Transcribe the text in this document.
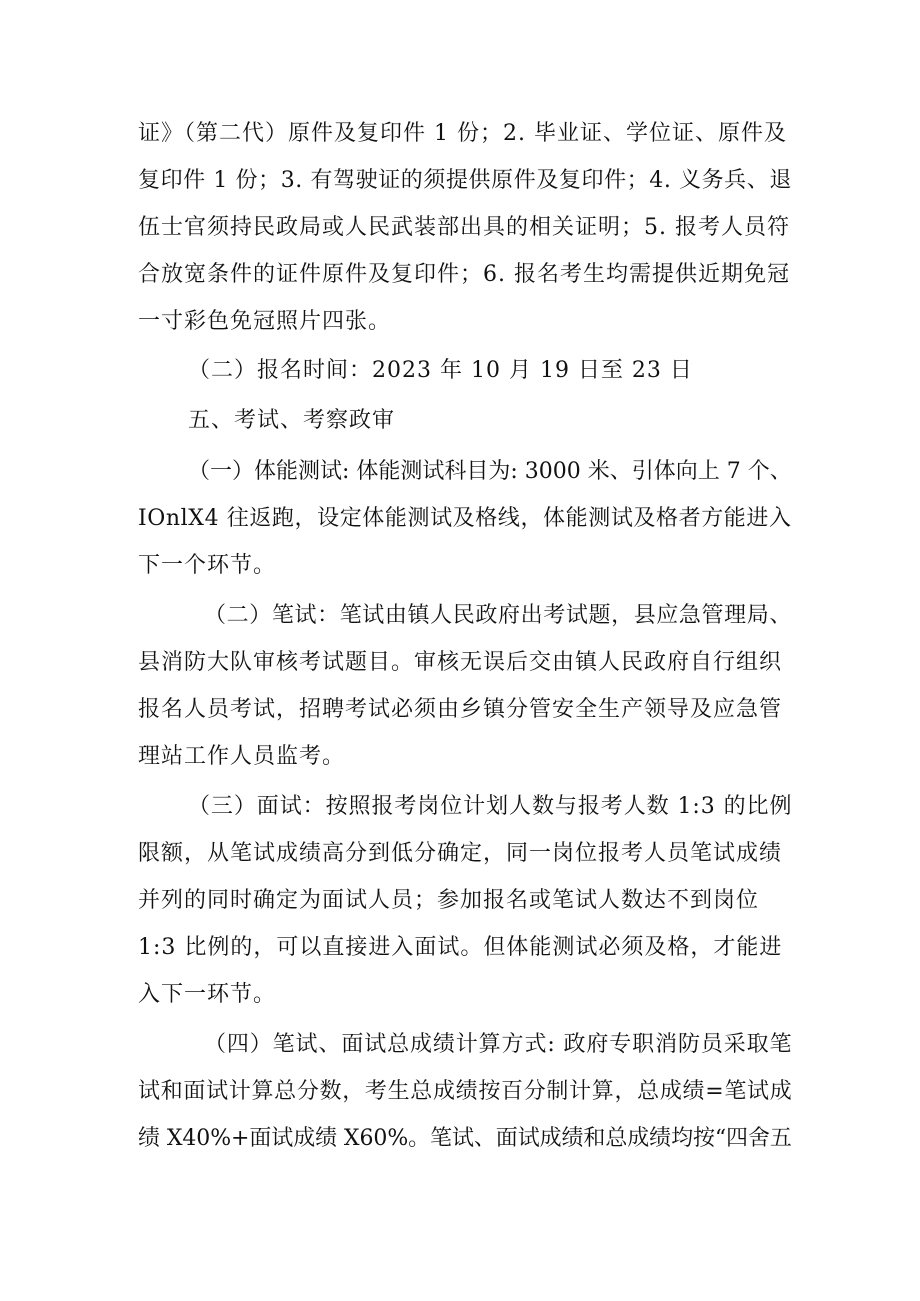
证》（第二代）原件及复印件 1 份；2. 毕业证、学位证、原件及
复印件 1 份；3. 有驾驶证的须提供原件及复印件；4. 义务兵、退
伍士官须持民政局或人民武装部出具的相关证明；5. 报考人员符
合放宽条件的证件原件及复印件；6. 报名考生均需提供近期免冠
一寸彩色免冠照片四张。
（二）报名时间：2023 年 10 月 19 日至 23 日
五、考试、考察政审
（一）体能测试: 体能测试科目为: 3000 米、引体向上 7 个、
IOnlX4 往返跑，设定体能测试及格线，体能测试及格者方能进入
下一个环节。
（二）笔试：笔试由镇人民政府出考试题，县应急管理局、
县消防大队审核考试题目。审核无误后交由镇人民政府自行组织
报名人员考试，招聘考试必须由乡镇分管安全生产领导及应急管
理站工作人员监考。
（三）面试：按照报考岗位计划人数与报考人数 1:3 的比例
限额，从笔试成绩高分到低分确定，同一岗位报考人员笔试成绩
并列的同时确定为面试人员；参加报名或笔试人数达不到岗位
1:3 比例的，可以直接进入面试。但体能测试必须及格，才能进
入下一环节。
（四）笔试、面试总成绩计算方式: 政府专职消防员采取笔
试和面试计算总分数，考生总成绩按百分制计算，总成绩=笔试成
绩 X40%+面试成绩 X60%。笔试、面试成绩和总成绩均按“四舍五
